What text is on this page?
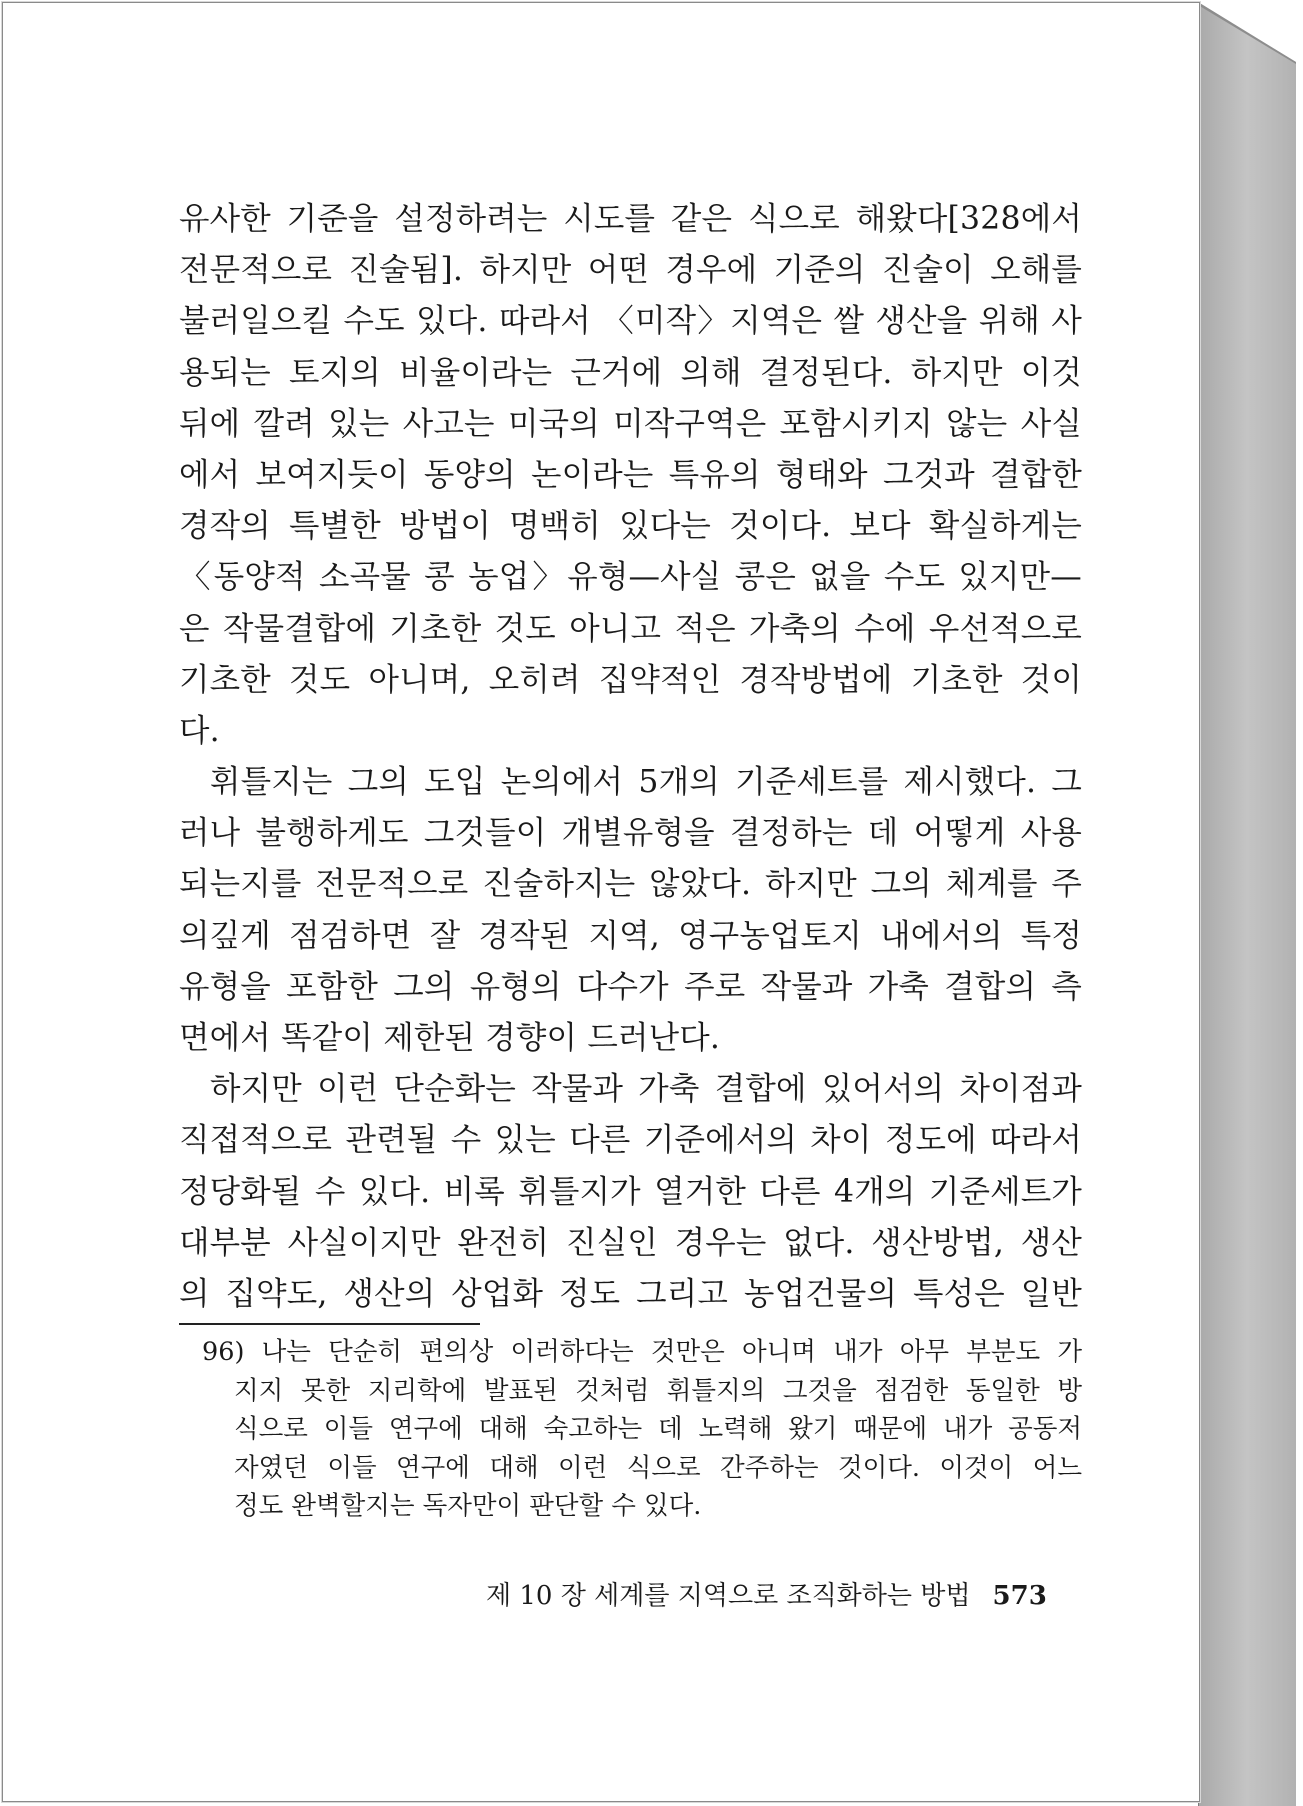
유사한 기준을 설정하려는 시도를 같은 식으로 해왔다[328에서
전문적으로 진술됨]. 하지만 어떤 경우에 기준의 진술이 오해를
불러일으킬 수도 있다. 따라서 〈미작〉지역은 쌀 생산을 위해 사
용되는 토지의 비율이라는 근거에 의해 결정된다. 하지만 이것
뒤에 깔려 있는 사고는 미국의 미작구역은 포함시키지 않는 사실
에서 보여지듯이 동양의 논이라는 특유의 형태와 그것과 결합한
경작의 특별한 방법이 명백히 있다는 것이다. 보다 확실하게는
〈동양적 소곡물 콩 농업〉유형—사실 콩은 없을 수도 있지만—
은 작물결합에 기초한 것도 아니고 적은 가축의 수에 우선적으로
기초한 것도 아니며, 오히려 집약적인 경작방법에 기초한 것이
다.
휘틀지는 그의 도입 논의에서 5개의 기준세트를 제시했다. 그
러나 불행하게도 그것들이 개별유형을 결정하는 데 어떻게 사용
되는지를 전문적으로 진술하지는 않았다. 하지만 그의 체계를 주
의깊게 점검하면 잘 경작된 지역, 영구농업토지 내에서의 특정
유형을 포함한 그의 유형의 다수가 주로 작물과 가축 결합의 측
면에서 똑같이 제한된 경향이 드러난다.
하지만 이런 단순화는 작물과 가축 결합에 있어서의 차이점과
직접적으로 관련될 수 있는 다른 기준에서의 차이 정도에 따라서
정당화될 수 있다. 비록 휘틀지가 열거한 다른 4개의 기준세트가
대부분 사실이지만 완전히 진실인 경우는 없다. 생산방법, 생산
의 집약도, 생산의 상업화 정도 그리고 농업건물의 특성은 일반
96) 나는 단순히 편의상 이러하다는 것만은 아니며 내가 아무 부분도 가
지지 못한 지리학에 발표된 것처럼 휘틀지의 그것을 점검한 동일한 방
식으로 이들 연구에 대해 숙고하는 데 노력해 왔기 때문에 내가 공동저
자였던 이들 연구에 대해 이런 식으로 간주하는 것이다. 이것이 어느
정도 완벽할지는 독자만이 판단할 수 있다.
제 10 장 세계를 지역으로 조직화하는 방법 573
